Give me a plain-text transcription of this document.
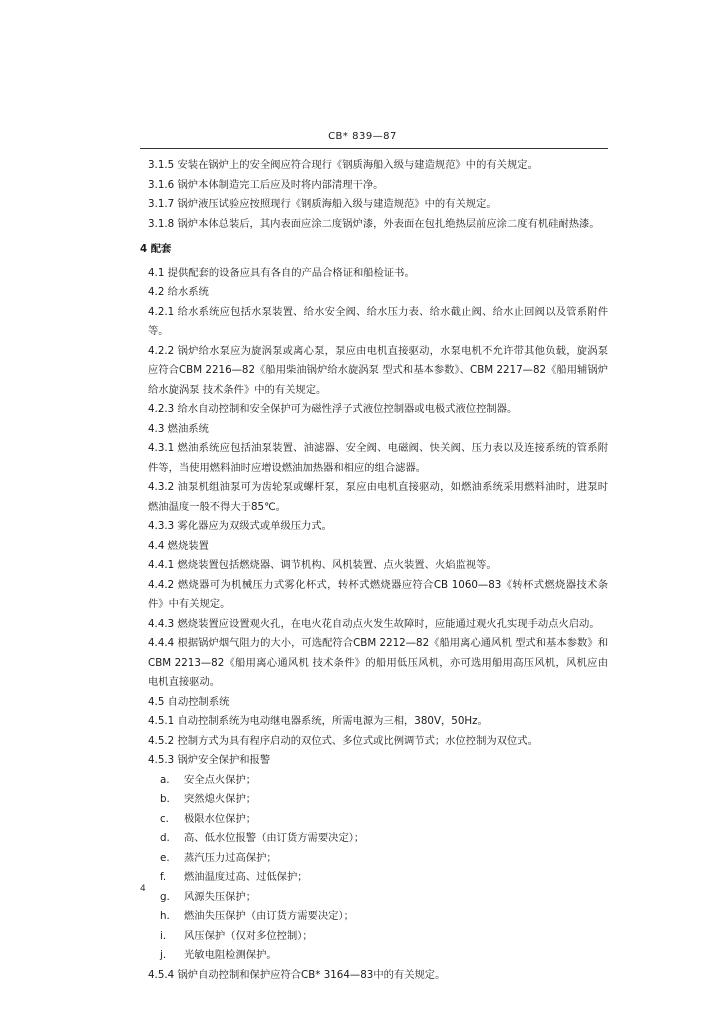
CB* 839—87

3.1.5 安装在锅炉上的安全阀应符合现行《钢质海船入级与建造规范》中的有关规定。

3.1.6 锅炉本体制造完工后应及时将内部清理干净。

3.1.7 锅炉液压试验应按照现行《钢质海船入级与建造规范》中的有关规定。

3.1.8 锅炉本体总装后，其内表面应涂二度锅炉漆，外表面在包扎绝热层前应涂二度有机硅耐热漆。

4 配套

4.1 提供配套的设备应具有各自的产品合格证和船检证书。

4.2 给水系统

4.2.1 给水系统应包括水泵装置、给水安全阀、给水压力表、给水截止阀、给水止回阀以及管系附件等。

4.2.2 锅炉给水泵应为旋涡泵或离心泵，泵应由电机直接驱动，水泵电机不允许带其他负载，旋涡泵应符合CBM 2216—82《船用柴油锅炉给水旋涡泵 型式和基本参数》、CBM 2217—82《船用辅锅炉给水旋涡泵 技术条件》中的有关规定。

4.2.3 给水自动控制和安全保护可为磁性浮子式液位控制器或电极式液位控制器。

4.3 燃油系统

4.3.1 燃油系统应包括油泵装置、油滤器、安全阀、电磁阀、快关阀、压力表以及连接系统的管系附件等，当使用燃料油时应增设燃油加热器和相应的组合滤器。

4.3.2 油泵机组油泵可为齿轮泵或螺杆泵，泵应由电机直接驱动，如燃油系统采用燃料油时，进泵时燃油温度一般不得大于85℃。

4.3.3 雾化器应为双级式或单级压力式。

4.4 燃烧装置

4.4.1 燃烧装置包括燃烧器、调节机构、风机装置、点火装置、火焰监视等。

4.4.2 燃烧器可为机械压力式雾化杯式，转杯式燃烧器应符合CB 1060—83《转杯式燃烧器技术条件》中有关规定。

4.4.3 燃烧装置应设置观火孔，在电火花自动点火发生故障时，应能通过观火孔实现手动点火启动。

4.4.4 根据锅炉烟气阻力的大小，可选配符合CBM 2212—82《船用离心通风机 型式和基本参数》和CBM 2213—82《船用离心通风机 技术条件》的船用低压风机，亦可选用船用高压风机，风机应由电机直接驱动。

4.5 自动控制系统

4.5.1 自动控制系统为电动继电器系统，所需电源为三相，380V，50Hz。

4.5.2 控制方式为具有程序启动的双位式、多位式或比例调节式；水位控制为双位式。

4.5.3 锅炉安全保护和报警

a.	安全点火保护；

b.	突然熄火保护；

c.	极限水位保护；

d.	高、低水位报警（由订货方需要决定）；

e.	蒸汽压力过高保护；

f.	燃油温度过高、过低保护；

g.	风源失压保护；

h.	燃油失压保护（由订货方需要决定）；

i.	风压保护（仅对多位控制）；

j.	光敏电阻检测保护。

4.5.4 锅炉自动控制和保护应符合CB* 3164—83中的有关规定。

4
